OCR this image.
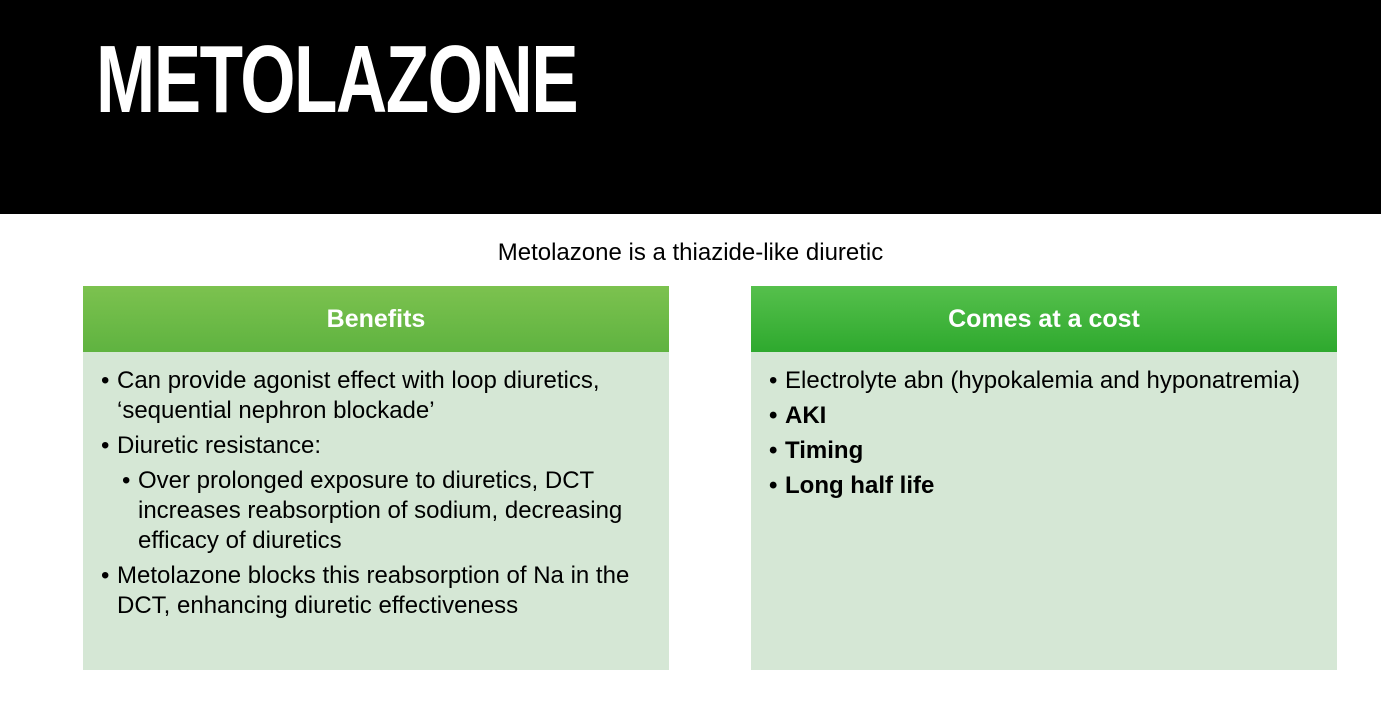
METOLAZONE

Metolazone is a thiazide-like diuretic

Benefits
• Can provide agonist effect with loop diuretics, ‘sequential nephron blockade’
• Diuretic resistance:
• Over prolonged exposure to diuretics, DCT increases reabsorption of sodium, decreasing efficacy of diuretics
• Metolazone blocks this reabsorption of Na in the DCT, enhancing diuretic effectiveness
Comes at a cost
• Electrolyte abn (hypokalemia and hyponatremia)
• AKI
• Timing
• Long half life
